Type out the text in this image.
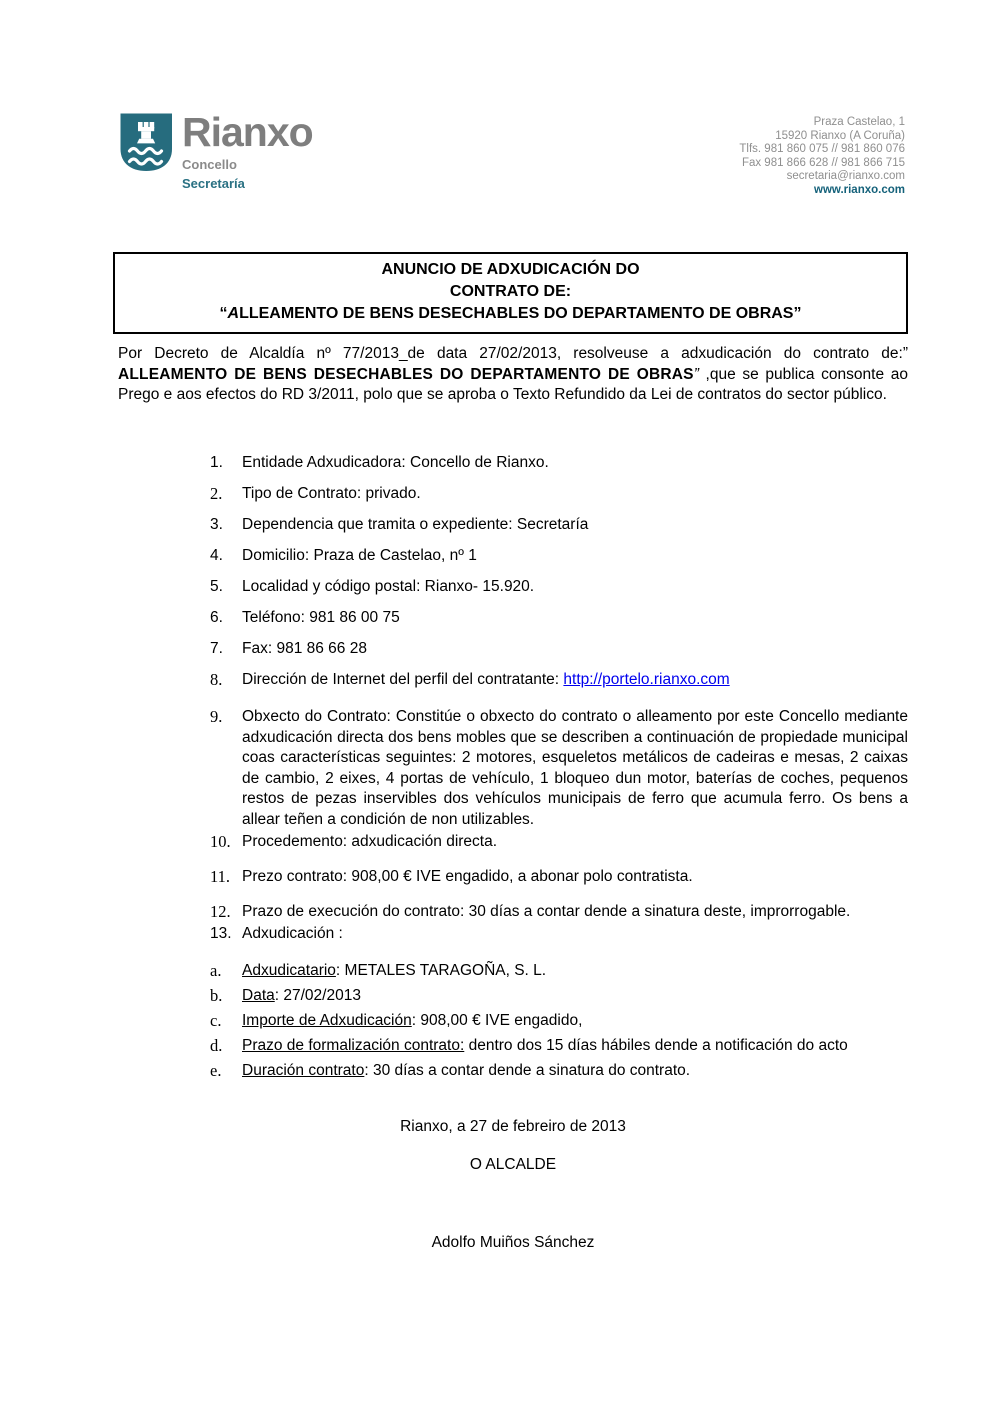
Rianxo
Concello
Secretaría
Praza Castelao, 1
15920 Rianxo (A Coruña)
Tlfs. 981 860 075 // 981 860 076
Fax 981 866 628 // 981 866 715
secretaria@rianxo.com
www.rianxo.com
ANUNCIO DE ADXUDICACIÓN DO
CONTRATO DE:
“ALLEAMENTO DE BENS DESECHABLES DO DEPARTAMENTO DE OBRAS”

Por Decreto de Alcaldía nº 77/2013_de data 27/02/2013, resolveuse a adxudicación do contrato de:” ALLEAMENTO DE BENS DESECHABLES DO DEPARTAMENTO DE OBRAS” ,que se publica consonte ao Prego e aos efectos do RD 3/2011, polo que se aproba o Texto Refundido da Lei de contratos do sector público.

1.	Entidade Adxudicadora: Concello de Rianxo.
2.	Tipo de Contrato: privado.
3.	Dependencia que tramita o expediente: Secretaría
4.	Domicilio: Praza de Castelao, nº 1
5.	Localidad y código postal: Rianxo- 15.920.
6.	Teléfono: 981 86 00 75
7.	Fax: 981 86 66 28
8.	Dirección de Internet del perfil del contratante: http://portelo.rianxo.com
9.	Obxecto do Contrato: Constitúe o obxecto do contrato o alleamento por este Concello mediante adxudicación directa dos bens mobles que se describen a continuación de propiedade municipal coas características seguintes: 2 motores, esqueletos metálicos de cadeiras e mesas, 2 caixas de cambio, 2 eixes, 4 portas de vehículo, 1 bloqueo dun motor, baterías de coches, pequenos restos de pezas inservibles dos vehículos municipais de ferro que acumula ferro. Os bens a allear teñen a condición de non utilizables.
10. Procedemento: adxudicación directa.
11. Prezo contrato: 908,00 € IVE engadido, a abonar polo contratista.
12. Prazo de execución do contrato: 30 días a contar dende a sinatura deste, improrrogable.
13. Adxudicación :
a.	Adxudicatario: METALES TARAGOÑA, S. L.
b.	Data: 27/02/2013
c.	Importe de Adxudicación: 908,00 € IVE engadido,
d.	Prazo de formalización contrato: dentro dos 15 días hábiles dende a notificación do acto
e.	Duración contrato: 30 días a contar dende a sinatura do contrato.
Rianxo, a 27 de febreiro de 2013
O ALCALDE
Adolfo Muiños Sánchez
